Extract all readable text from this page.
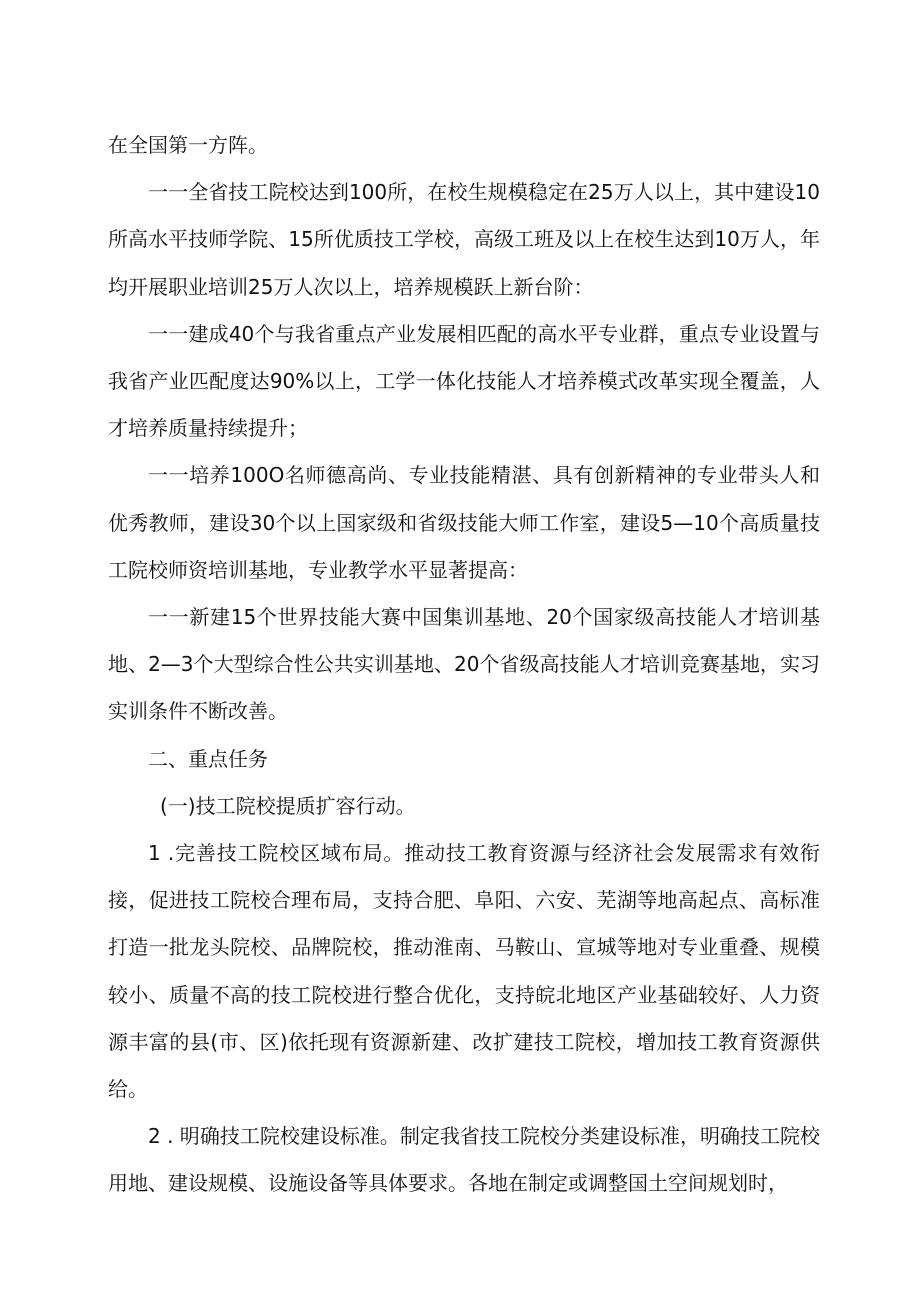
在全国第一方阵。

一一全省技工院校达到100所，在校生规模稳定在25万人以上，其中建设10所高水平技师学院、15所优质技工学校，高级工班及以上在校生达到10万人，年均开展职业培训25万人次以上，培养规模跃上新台阶：

一一建成40个与我省重点产业发展相匹配的高水平专业群，重点专业设置与我省产业匹配度达90%以上，工学一体化技能人才培养模式改革实现全覆盖，人才培养质量持续提升；

一一培养100O名师德高尚、专业技能精湛、具有创新精神的专业带头人和优秀教师，建设30个以上国家级和省级技能大师工作室，建设5—10个高质量技工院校师资培训基地，专业教学水平显著提高：

一一新建15个世界技能大赛中国集训基地、20个国家级高技能人才培训基地、2—3个大型综合性公共实训基地、20个省级高技能人才培训竞赛基地，实习实训条件不断改善。

二、重点任务

(一)技工院校提质扩容行动。

1 .完善技工院校区域布局。推动技工教育资源与经济社会发展需求有效衔接，促进技工院校合理布局，支持合肥、阜阳、六安、芜湖等地高起点、高标准打造一批龙头院校、品牌院校，推动淮南、马鞍山、宣城等地对专业重叠、规模较小、质量不高的技工院校进行整合优化，支持皖北地区产业基础较好、人力资源丰富的县(市、区)依托现有资源新建、改扩建技工院校，增加技工教育资源供给。

2 . 明确技工院校建设标准。制定我省技工院校分类建设标准，明确技工院校用地、建设规模、设施设备等具体要求。各地在制定或调整国土空间规划时，
